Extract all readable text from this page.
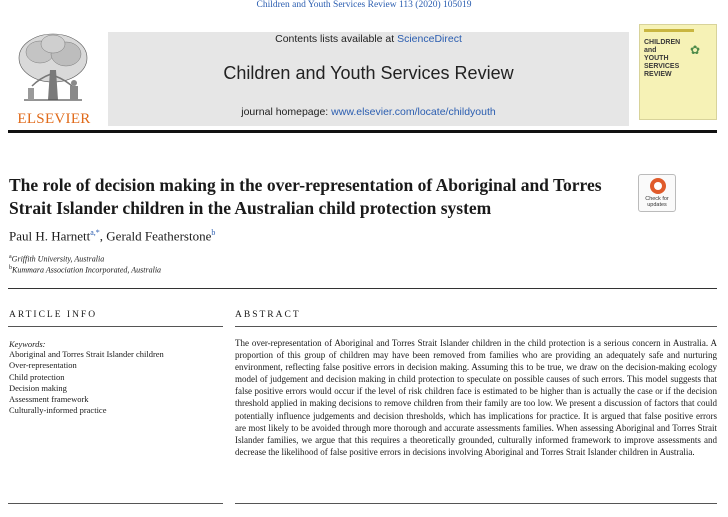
Children and Youth Services Review 113 (2020) 105019
ELSEVIER
Contents lists available at ScienceDirect
Children and Youth Services Review
journal homepage: www.elsevier.com/locate/childyouth
CHILDREN
and
YOUTH
SERVICES
REVIEW
✿
The role of decision making in the over-representation of Aboriginal and Torres Strait Islander children in the Australian child protection system	Check for
updates
Paul H. Harnett$^{a,*}$, Gerald Featherstone$^b$
$^a$Griffith University, Australia
$^b$Kummara Association Incorporated, Australia
ARTICLE INFO	ABSTRACT
Keywords:
Aboriginal and Torres Strait Islander children
Over-representation
Child protection
Decision making
Assessment framework
Culturally-informed practice

The over-representation of Aboriginal and Torres Strait Islander children in the child protection is a serious concern in Australia. A proportion of this group of children may have been removed from families who are providing an adequately safe and nurturing environment, reflecting false positive errors in decision making. Assuming this to be true, we draw on the decision-making ecology model of judgement and decision making in child protection to speculate on possible causes of such errors. This model suggests that false positive errors would occur if the level of risk children face is estimated to be higher than is actually the case or if the decision threshold applied in making decisions to remove children from their family are too low. We present a discussion of factors that could potentially influence judgements and decision thresholds, which has implications for practice. It is argued that false positive errors are most likely to be avoided through more thorough and accurate assessments families. When assessing Aboriginal and Torres Strait Islander families, we argue that this requires a theoretically grounded, culturally informed framework to improve assessments and decrease the likelihood of false positive errors in decisions involving Aboriginal and Torres Strait Islander children in Australia.
